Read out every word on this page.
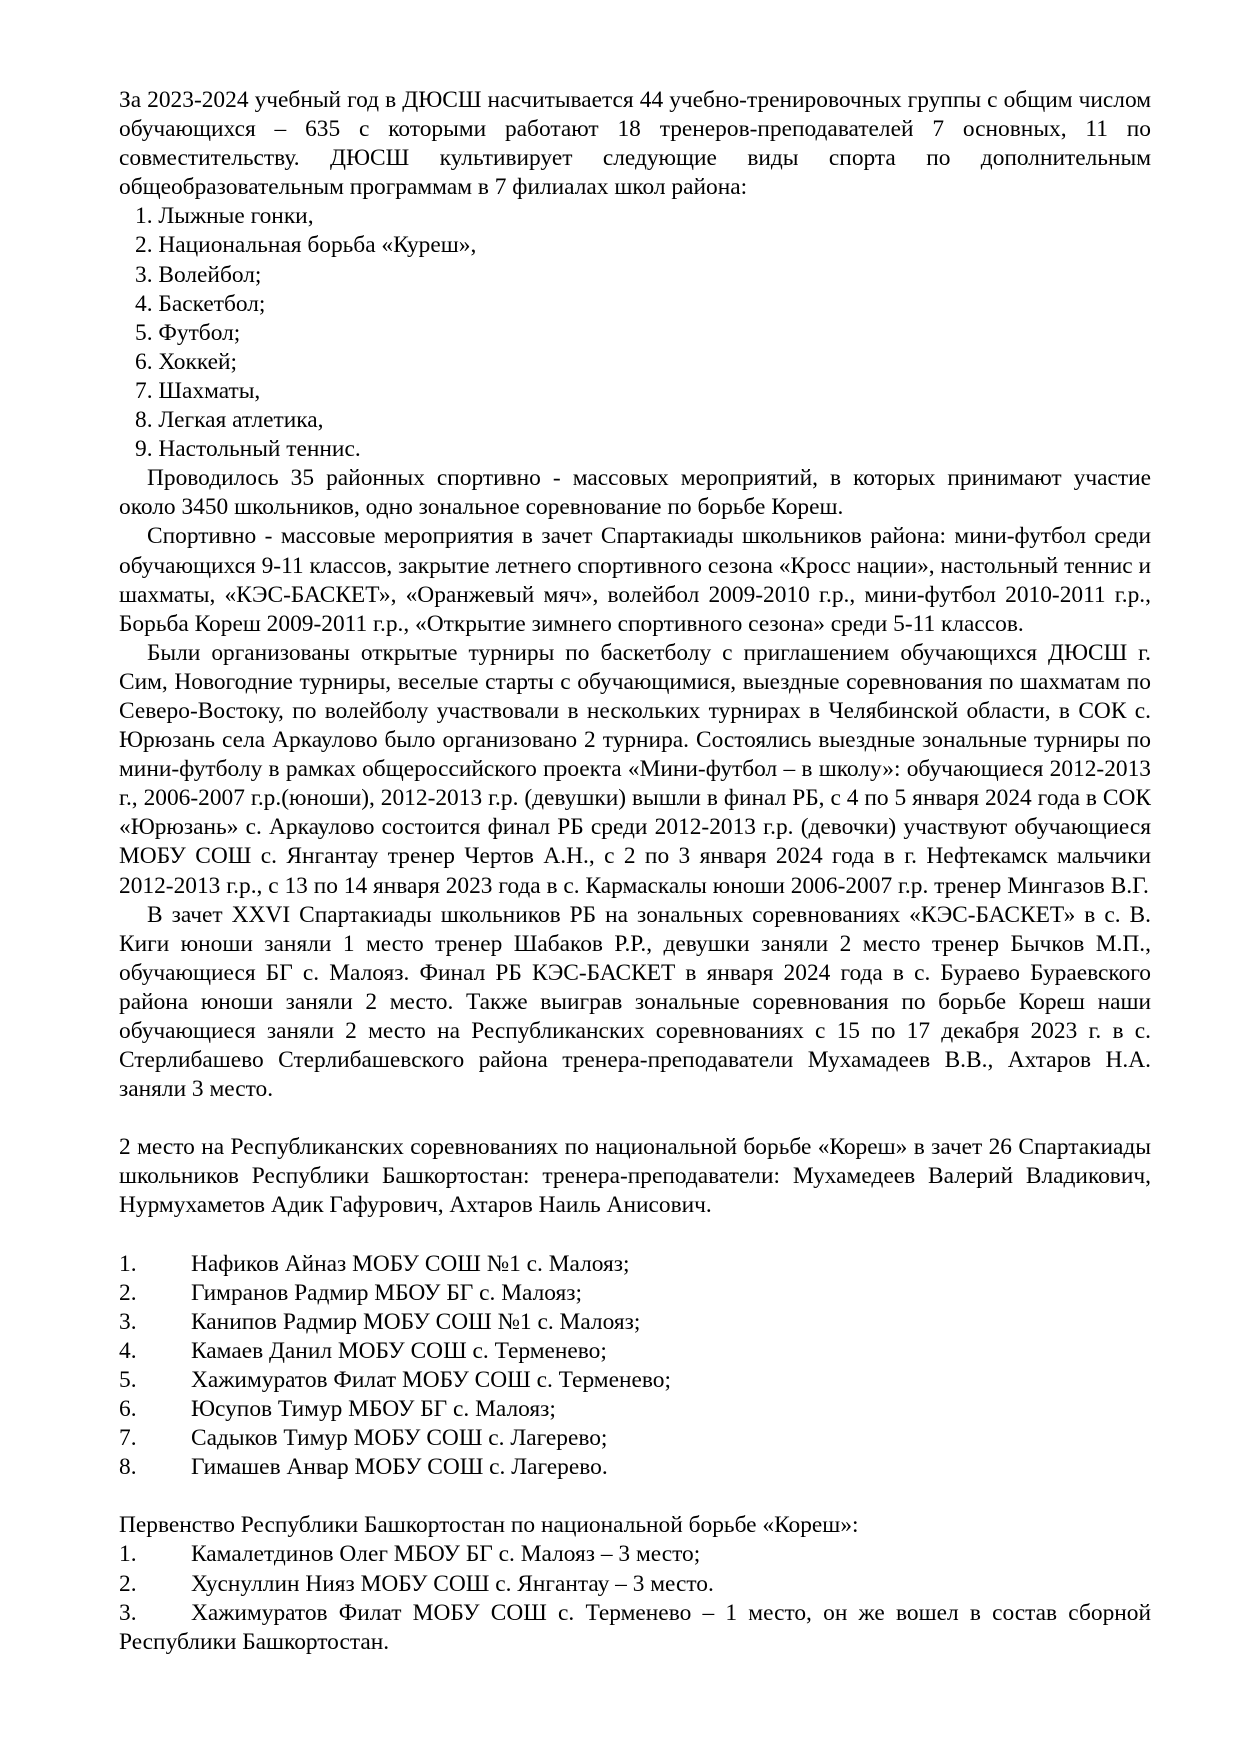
За 2023-2024 учебный год в ДЮСШ насчитывается 44 учебно-тренировочных группы с общим числом обучающихся – 635 с которыми работают 18 тренеров-преподавателей 7 основных, 11 по совместительству. ДЮСШ культивирует следующие виды спорта по дополнительным общеобразовательным программам в 7 филиалах школ района:

1. Лыжные гонки,
2. Национальная борьба «Куреш»,
3. Волейбол;
4. Баскетбол;
5. Футбол;
6. Хоккей;
7. Шахматы,
8. Легкая атлетика,
9. Настольный теннис.

Проводилось 35 районных спортивно - массовых мероприятий, в которых принимают участие около 3450 школьников, одно зональное соревнование по борьбе Кореш.

Спортивно - массовые мероприятия в зачет Спартакиады школьников района: мини-футбол среди обучающихся 9-11 классов, закрытие летнего спортивного сезона «Кросс нации», настольный теннис и шахматы, «КЭС-БАСКЕТ», «Оранжевый мяч», волейбол 2009-2010 г.р., мини-футбол 2010-2011 г.р., Борьба Кореш 2009-2011 г.р., «Открытие зимнего спортивного сезона» среди 5-11 классов.

Были организованы открытые турниры по баскетболу с приглашением обучающихся ДЮСШ г. Сим, Новогодние турниры, веселые старты с обучающимися, выездные соревнования по шахматам по Северо-Востоку, по волейболу участвовали в нескольких турнирах в Челябинской области, в СОК с. Юрюзань села Аркаулово было организовано 2 турнира. Состоялись выездные зональные турниры по мини-футболу в рамках общероссийского проекта «Мини-футбол – в школу»: обучающиеся 2012-2013 г., 2006-2007 г.р.(юноши), 2012-2013 г.р. (девушки) вышли в финал РБ, с 4 по 5 января 2024 года в СОК «Юрюзань» с. Аркаулово состоится финал РБ среди 2012-2013 г.р. (девочки) участвуют обучающиеся МОБУ СОШ с. Янгантау тренер Чертов А.Н., с 2 по 3 января 2024 года в г. Нефтекамск мальчики 2012-2013 г.р., с 13 по 14 января 2023 года в с. Кармаскалы юноши 2006-2007 г.р. тренер Мингазов В.Г.

В зачет XXVI Спартакиады школьников РБ на зональных соревнованиях «КЭС-БАСКЕТ» в с. В. Киги юноши заняли 1 место тренер Шабаков Р.Р., девушки заняли 2 место тренер Бычков М.П., обучающиеся БГ с. Малояз. Финал РБ КЭС-БАСКЕТ в января 2024 года в с. Бураево Бураевского района юноши заняли 2 место. Также выиграв зональные соревнования по борьбе Кореш наши обучающиеся заняли 2 место на Республиканских соревнованиях с 15 по 17 декабря 2023 г. в с. Стерлибашево Стерлибашевского района тренера-преподаватели Мухамадеев В.В., Ахтаров Н.А. заняли 3 место.

2 место на Республиканских соревнованиях по национальной борьбе «Кореш» в зачет 26 Спартакиады школьников Республики Башкортостан: тренера-преподаватели: Мухамедеев Валерий Владикович, Нурмухаметов Адик Гафурович, Ахтаров Наиль Анисович.

1.	Нафиков Айназ МОБУ СОШ №1 с. Малояз;
2.	Гимранов Радмир МБОУ БГ с. Малояз;
3.	Канипов Радмир МОБУ СОШ №1 с. Малояз;
4.	Камаев Данил МОБУ СОШ с. Терменево;
5.	Хажимуратов Филат МОБУ СОШ с. Терменево;
6.	Юсупов Тимур МБОУ БГ с. Малояз;
7.	Садыков Тимур МОБУ СОШ с. Лагерево;
8.	Гимашев Анвар МОБУ СОШ с. Лагерево.

Первенство Республики Башкортостан по национальной борьбе «Кореш»:

1.	Камалетдинов Олег МБОУ БГ с. Малояз – 3 место;
2.	Хуснуллин Нияз МОБУ СОШ с. Янгантау – 3 место.

3. Хажимуратов Филат МОБУ СОШ с. Терменево – 1 место, он же вошел в состав сборной Республики Башкортостан.
